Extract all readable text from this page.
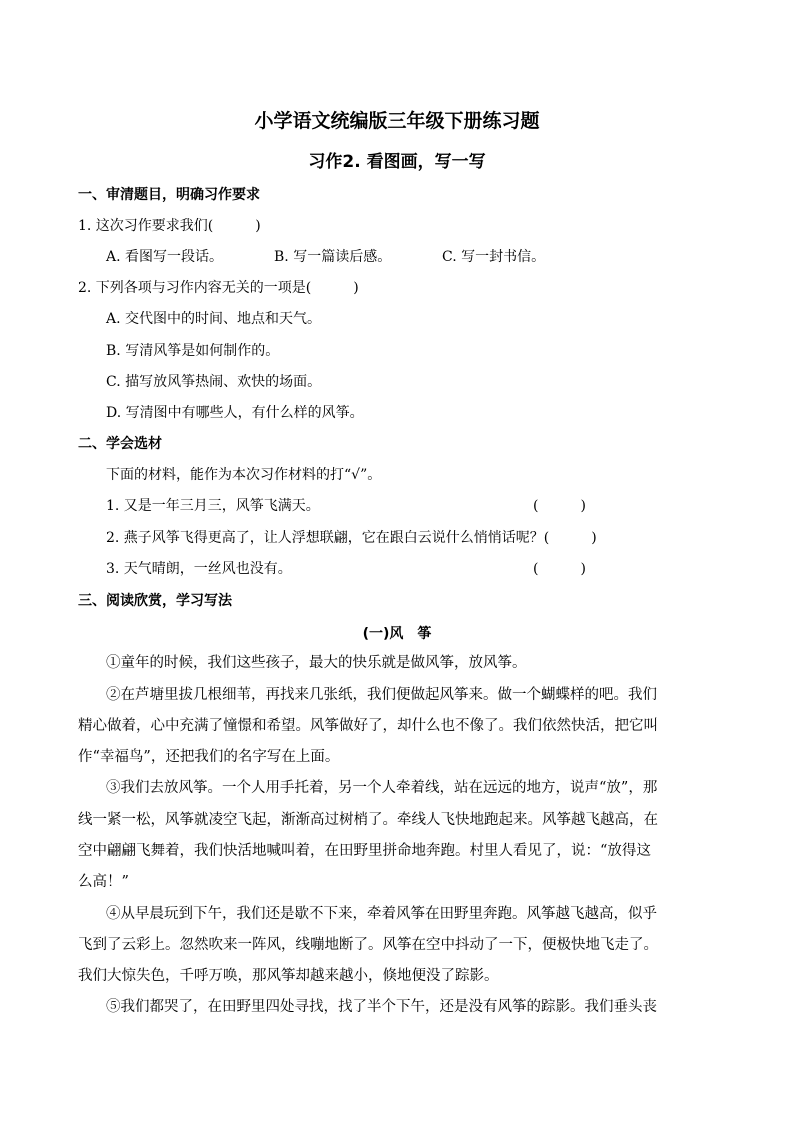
小学语文统编版三年级下册练习题
习作2. 看图画，写一写
一、审清题目，明确习作要求
1. 这次习作要求我们(　　　)
A. 看图写一段话。	B. 写一篇读后感。	C. 写一封书信。
2. 下列各项与习作内容无关的一项是(　　　)
A. 交代图中的时间、地点和天气。
B. 写清风筝是如何制作的。
C. 描写放风筝热闹、欢快的场面。
D. 写清图中有哪些人，有什么样的风筝。
二、学会选材
下面的材料，能作为本次习作材料的打“√”。
1. 又是一年三月三，风筝飞满天。	(　　　)
2. 燕子风筝飞得更高了，让人浮想联翩，它在跟白云说什么悄悄话呢？(　　　)
3. 天气晴朗，一丝风也没有。	(　　　)
三、阅读欣赏，学习写法
(一)风　筝
①童年的时候，我们这些孩子，最大的快乐就是做风筝，放风筝。
②在芦塘里拔几根细苇，再找来几张纸，我们便做起风筝来。做一个蝴蝶样的吧。我们
精心做着，心中充满了憧憬和希望。风筝做好了，却什么也不像了。我们依然快活，把它叫
作“幸福鸟”，还把我们的名字写在上面。
③我们去放风筝。一个人用手托着，另一个人牵着线，站在远远的地方，说声“放”，那
线一紧一松，风筝就凌空飞起，渐渐高过树梢了。牵线人飞快地跑起来。风筝越飞越高，在
空中翩翩飞舞着，我们快活地喊叫着，在田野里拼命地奔跑。村里人看见了，说：“放得这
么高！”
④从早晨玩到下午，我们还是歇不下来，牵着风筝在田野里奔跑。风筝越飞越高，似乎
飞到了云彩上。忽然吹来一阵风，线嘣地断了。风筝在空中抖动了一下，便极快地飞走了。
我们大惊失色，千呼万唤，那风筝却越来越小，倏地便没了踪影。
⑤我们都哭了，在田野里四处寻找，找了半个下午，还是没有风筝的踪影。我们垂头丧
